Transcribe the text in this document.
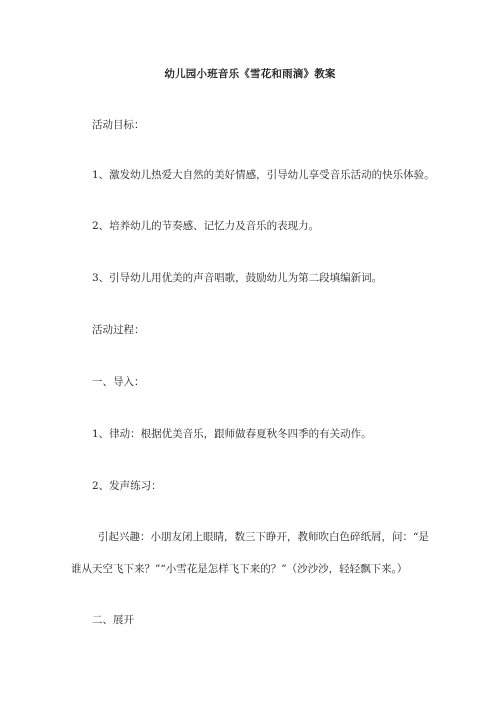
幼儿园小班音乐《雪花和雨滴》教案
活动目标：
1、激发幼儿热爱大自然的美好情感，引导幼儿享受音乐活动的快乐体验。
2、培养幼儿的节奏感、记忆力及音乐的表现力。
3、引导幼儿用优美的声音唱歌，鼓励幼儿为第二段填编新词。
活动过程：
一、导入：
1、律动：根据优美音乐，跟师做春夏秋冬四季的有关动作。
2、发声练习：
引起兴趣：小朋友闭上眼睛，数三下睁开，教师吹白色碎纸屑，问：“是
谁从天空飞下来？”“小雪花是怎样飞下来的？”（沙沙沙，轻轻飘下来。）
二、展开
